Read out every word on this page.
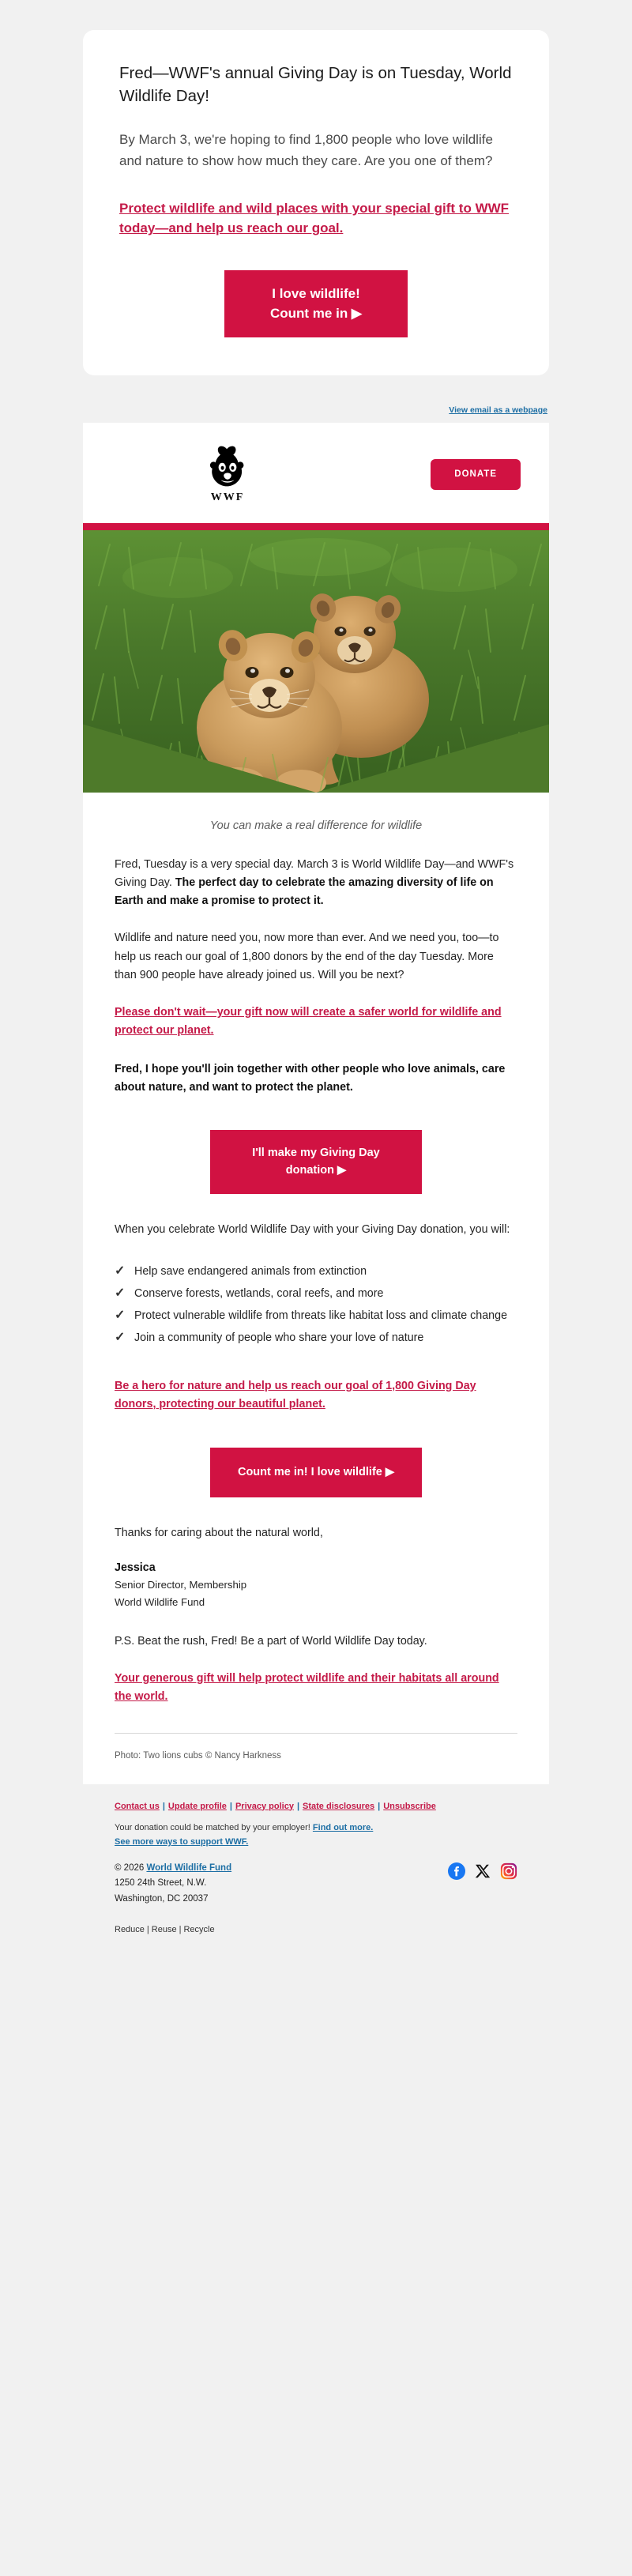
Fred—WWF's annual Giving Day is on Tuesday, World Wildlife Day!

By March 3, we're hoping to find 1,800 people who love wildlife and nature to show how much they care. Are you one of them?

Protect wildlife and wild places with your special gift to WWF today—and help us reach our goal.
I love wildlife!
Count me in ▶
View email as a webpage
WWF
DONATE
You can make a real difference for wildlife

Fred, Tuesday is a very special day. March 3 is World Wildlife Day—and WWF's Giving Day. The perfect day to celebrate the amazing diversity of life on Earth and make a promise to protect it.

Wildlife and nature need you, now more than ever. And we need you, too—to help us reach our goal of 1,800 donors by the end of the day Tuesday. More than 900 people have already joined us. Will you be next?

Please don't wait—your gift now will create a safer world for wildlife and protect our planet.

Fred, I hope you'll join together with other people who love animals, care about nature, and want to protect the planet.

I'll make my Giving Day
donation ▶

When you celebrate World Wildlife Day with your Giving Day donation, you will:

✓ Help save endangered animals from extinction
✓ Conserve forests, wetlands, coral reefs, and more
✓ Protect vulnerable wildlife from threats like habitat loss and climate change
✓ Join a community of people who share your love of nature
Be a hero for nature and help us reach our goal of 1,800 Giving Day donors, protecting our beautiful planet.
Count me in! I love wildlife ▶

Thanks for caring about the natural world,

Jessica

Senior Director, Membership

World Wildlife Fund

P.S. Beat the rush, Fred! Be a part of World Wildlife Day today.

Your generous gift will help protect wildlife and their habitats all around the world.
Photo: Two lions cubs © Nancy Harkness
Contact us | Update profile | Privacy policy | State disclosures | Unsubscribe
Your donation could be matched by your employer! Find out more.
See more ways to support WWF.
© 2026 World Wildlife Fund
1250 24th Street, N.W.
Washington, DC 20037
Reduce | Reuse | Recycle
